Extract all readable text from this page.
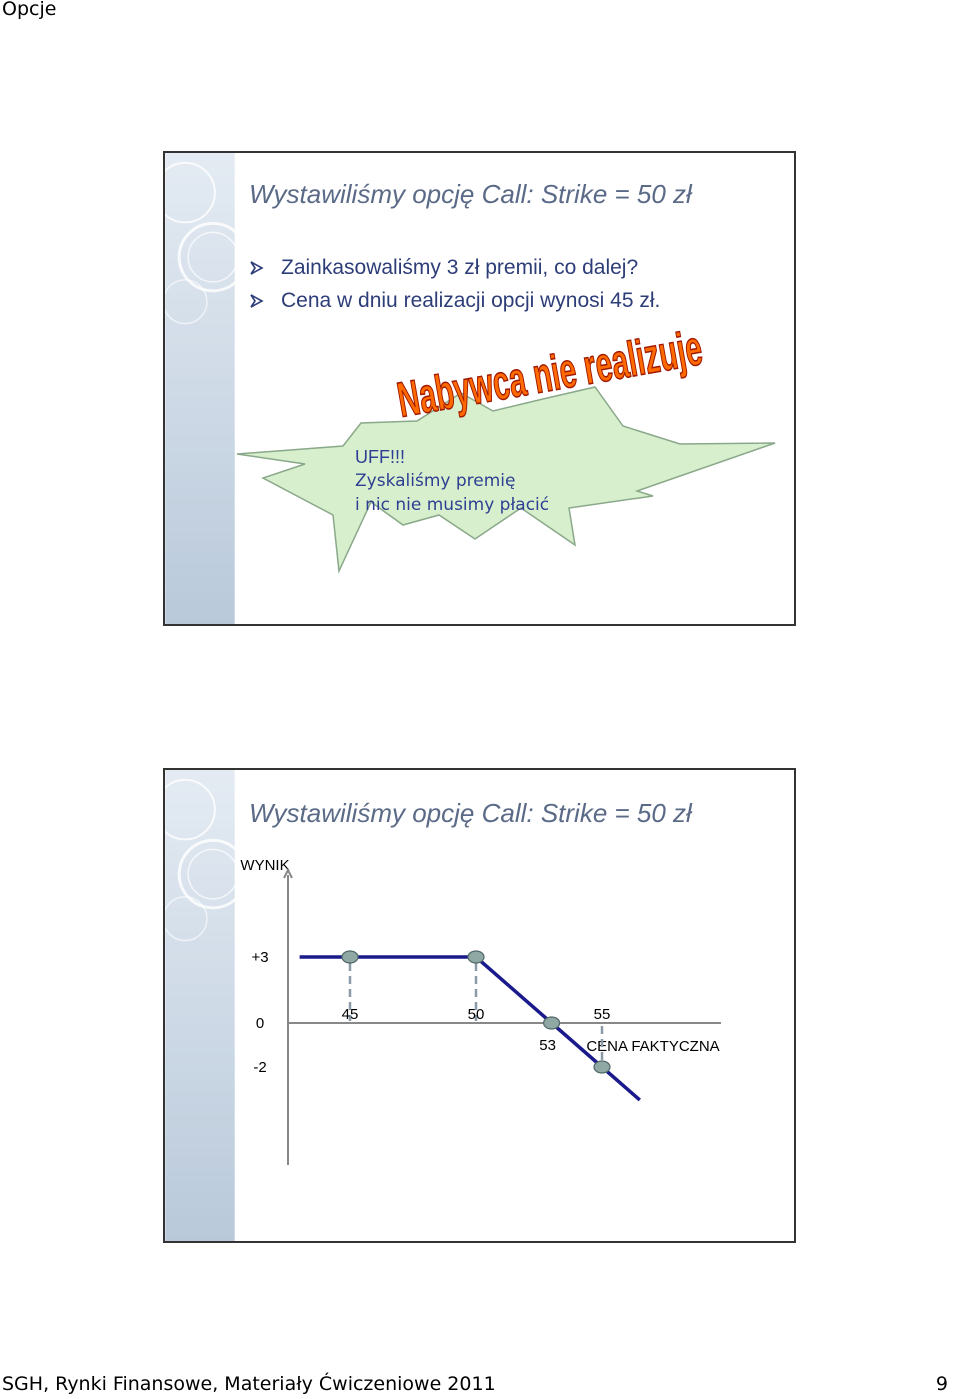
Opcje
Wystawiliśmy opcję Call: Strike = 50 zł
Zainkasowaliśmy 3 zł premii, co dalej?
Cena w dniu realizacji opcji wynosi 45 zł.
Nabywca nie realizuje
UFF!!!
Zyskaliśmy premię
i nic nie musimy płacić
Wystawiliśmy opcję Call: Strike = 50 zł
WYNIK
CENA FAKTYCZNA
+3
0
-2
45	50
53
55
SGH, Rynki Finansowe, Materiały Ćwiczeniowe 2011	9
